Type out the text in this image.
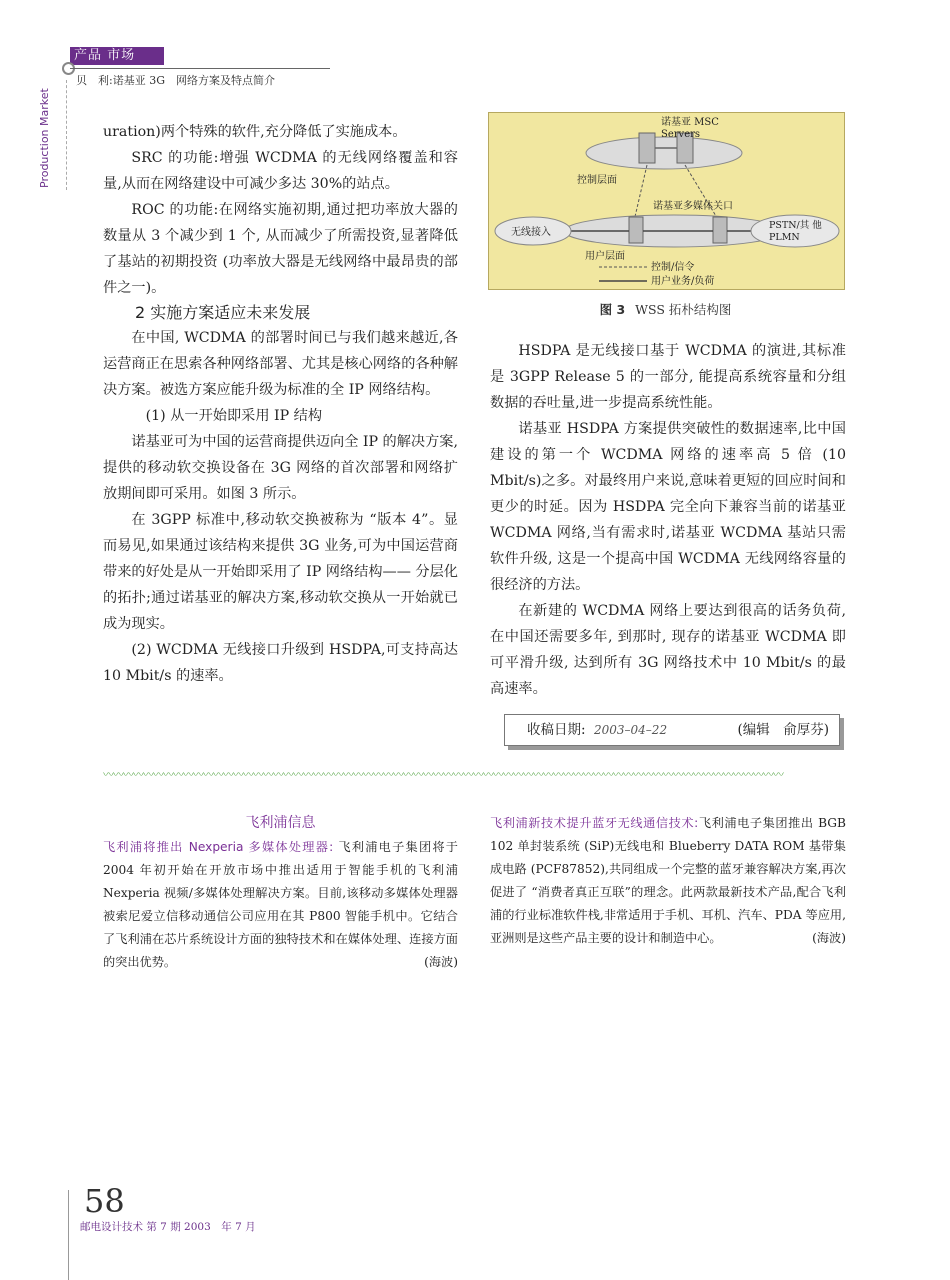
产品 市场
贝　利:诺基亚 3G　网络方案及特点简介
Production Market	uration)两个特殊的软件,充分降低了实施成本。

SRC 的功能:增强 WCDMA 的无线网络覆盖和容量,从而在网络建设中可减少多达 30%的站点。

ROC 的功能:在网络实施初期,通过把功率放大器的数量从 3 个减少到 1 个, 从而减少了所需投资,显著降低了基站的初期投资 (功率放大器是无线网络中最昂贵的部件之一)。

2 实施方案适应未来发展

在中国, WCDMA 的部署时间已与我们越来越近,各运营商正在思索各种网络部署、尤其是核心网络的各种解决方案。被选方案应能升级为标准的全 IP 网络结构。

(1) 从一开始即采用 IP 结构

诺基亚可为中国的运营商提供迈向全 IP 的解决方案, 提供的移动软交换设备在 3G 网络的首次部署和网络扩放期间即可采用。如图 3 所示。

在 3GPP 标准中,移动软交换被称为 “版本 4”。显而易见,如果通过该结构来提供 3G 业务,可为中国运营商带来的好处是从一开始即采用了 IP 网络结构—— 分层化的拓扑;通过诺基亚的解决方案,移动软交换从一开始就已成为现实。

(2) WCDMA 无线接口升级到 HSDPA,可支持高达 10 Mbit/s 的速率。

诺基亚 MSC
Servers
控制层面
诺基亚多媒体关口
无线接入
PSTN/其 他
PLMN
用户层面
控制/信令
用户业务/负荷
图 3 WSS 拓朴结构图

HSDPA 是无线接口基于 WCDMA 的演进,其标准是 3GPP Release 5 的一部分, 能提高系统容量和分组数据的吞吐量,进一步提高系统性能。

诺基亚 HSDPA 方案提供突破性的数据速率,比中国建设的第一个 WCDMA 网络的速率高 5 倍 (10 Mbit/s)之多。对最终用户来说,意味着更短的回应时间和更少的时延。因为 HSDPA 完全向下兼容当前的诺基亚 WCDMA 网络,当有需求时,诺基亚 WCDMA 基站只需软件升级, 这是一个提高中国 WCDMA 无线网络容量的很经济的方法。

在新建的 WCDMA 网络上要达到很高的话务负荷, 在中国还需要多年, 到那时, 现存的诺基亚 WCDMA 即可平滑升级, 达到所有 3G 网络技术中 10 Mbit/s 的最高速率。

收稿日期: 2003–04–22	(编辑　俞厚芬)
〰〰〰〰〰〰〰〰〰〰〰〰〰〰〰〰〰〰〰〰〰〰〰〰〰〰〰〰〰〰〰〰〰〰〰〰〰〰〰〰〰〰〰〰〰〰〰〰〰〰〰〰〰〰〰〰〰〰〰〰〰〰〰〰〰〰〰〰
飞利浦信息
飞利浦将推出 Nexperia 多媒体处理器: 飞利浦电子集团将于 2004 年初开始在开放市场中推出适用于智能手机的飞利浦 Nexperia 视频/多媒体处理解决方案。目前,该移动多媒体处理器被索尼爱立信移动通信公司应用在其 P800 智能手机中。它结合了飞利浦在芯片系统设计方面的独特技术和在媒体处理、连接方面的突出优势。	(海波)
飞利浦新技术提升蓝牙无线通信技术:飞利浦电子集团推出 BGB 102 单封装系统 (SiP)无线电和 Blueberry DATA ROM 基带集成电路 (PCF87852),共同组成一个完整的蓝牙兼容解决方案,再次促进了 “消费者真正互联”的理念。此两款最新技术产品,配合飞利浦的行业标准软件栈,非常适用于手机、耳机、汽车、PDA 等应用,亚洲则是这些产品主要的设计和制造中心。	(海波)
58
邮电设计技术 第 7 期 2003　年 7 月
